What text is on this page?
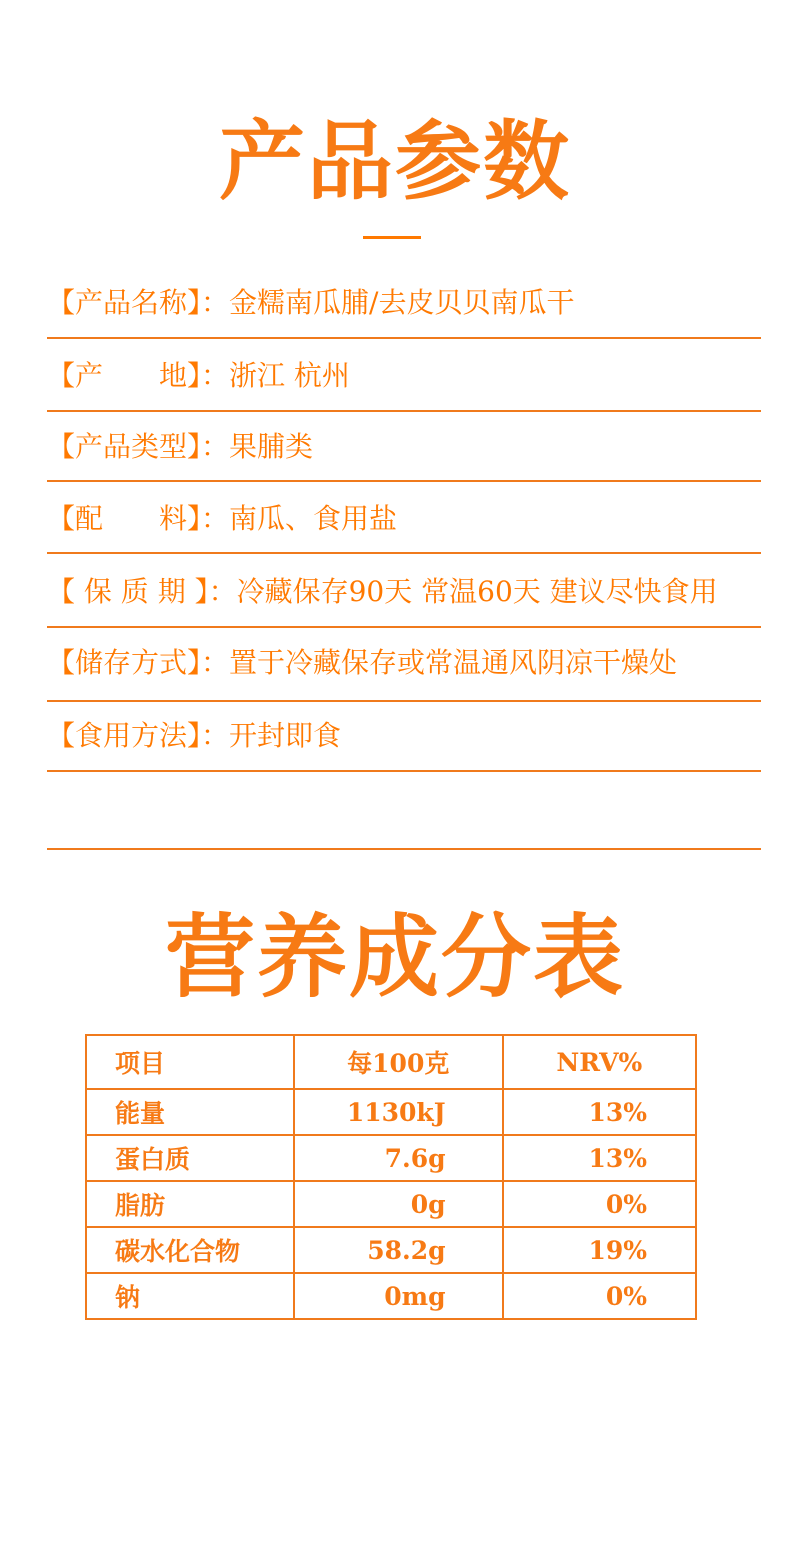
产品参数
【产品名称】：金糯南瓜脯/去皮贝贝南瓜干
【产　　地】：浙江 杭州
【产品类型】：果脯类
【配　　料】：南瓜、食用盐
【 保 质 期 】：冷藏保存90天 常温60天 建议尽快食用
【储存方式】：置于冷藏保存或常温通风阴凉干燥处
【食用方法】：开封即食
营养成分表
项目	每100克	NRV%
能量	1130kJ	13%
蛋白质	7.6g	13%
脂肪	0g	0%
碳水化合物	58.2g	19%
钠	0mg	0%
